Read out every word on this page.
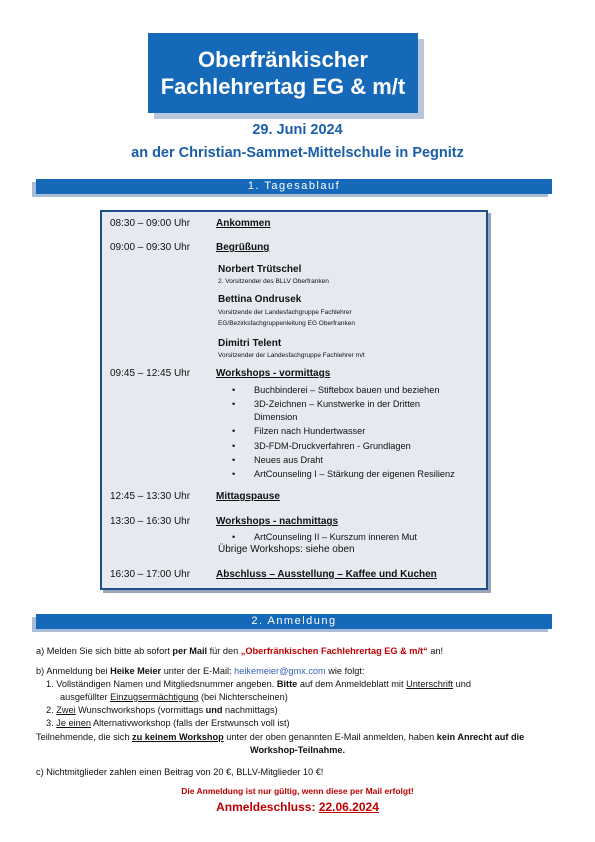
Oberfränkischer
Fachlehrertag EG & m/t
29. Juni 2024
an der Christian-Sammet-Mittelschule in Pegnitz
1. Tagesablauf
08:30 – 09:00 Uhr	Ankommen
09:00 – 09:30 Uhr	Begrüßung
Norbert Trütschel
2. Vorsitzender des BLLV Oberfranken
Bettina Ondrusek
Vorsitzende der Landesfachgruppe Fachlehrer
EG/Bezirksfachgruppenleitung EG Oberfranken
Dimitri Telent
Vorsitzender der Landesfachgruppe Fachlehrer m/t
09:45 – 12:45 Uhr	Workshops - vormittags
• Buchbinderei – Stiftebox bauen und beziehen
• 3D-Zeichnen – Kunstwerke in der Dritten
Dimension
• Filzen nach Hundertwasser
• 3D-FDM-Druckverfahren - Grundlagen
• Neues aus Draht
• ArtCounseling I – Stärkung der eigenen Resilienz
12:45 – 13:30 Uhr	Mittagspause
13:30 – 16:30 Uhr	Workshops - nachmittags
• ArtCounseling II – Kurszum inneren Mut
Übrige Workshops: siehe oben
16:30 – 17:00 Uhr	Abschluss – Ausstellung – Kaffee und Kuchen
2. Anmeldung
a) Melden Sie sich bitte ab sofort per Mail für den „Oberfränkischen Fachlehrertag EG & m/t“ an!
b) Anmeldung bei Heike Meier unter der E-Mail: heikemeier@gmx.com wie folgt:
1. Vollständigen Namen und Mitgliedsnummer angeben. Bitte auf dem Anmeldeblatt mit Unterschrift und
ausgefüllter Einzugsermächtigung (bei Nichterscheinen)
2. Zwei Wunschworkshops (vormittags und nachmittags)
3. Je einen Alternativworkshop (falls der Erstwunsch voll ist)
Teilnehmende, die sich zu keinem Workshop unter der oben genannten E-Mail anmelden, haben kein Anrecht auf die
Workshop-Teilnahme.
c) Nichtmitglieder zahlen einen Beitrag von 20 €, BLLV-Mitglieder 10 €!
Die Anmeldung ist nur gültig, wenn diese per Mail erfolgt!
Anmeldeschluss: 22.06.2024
